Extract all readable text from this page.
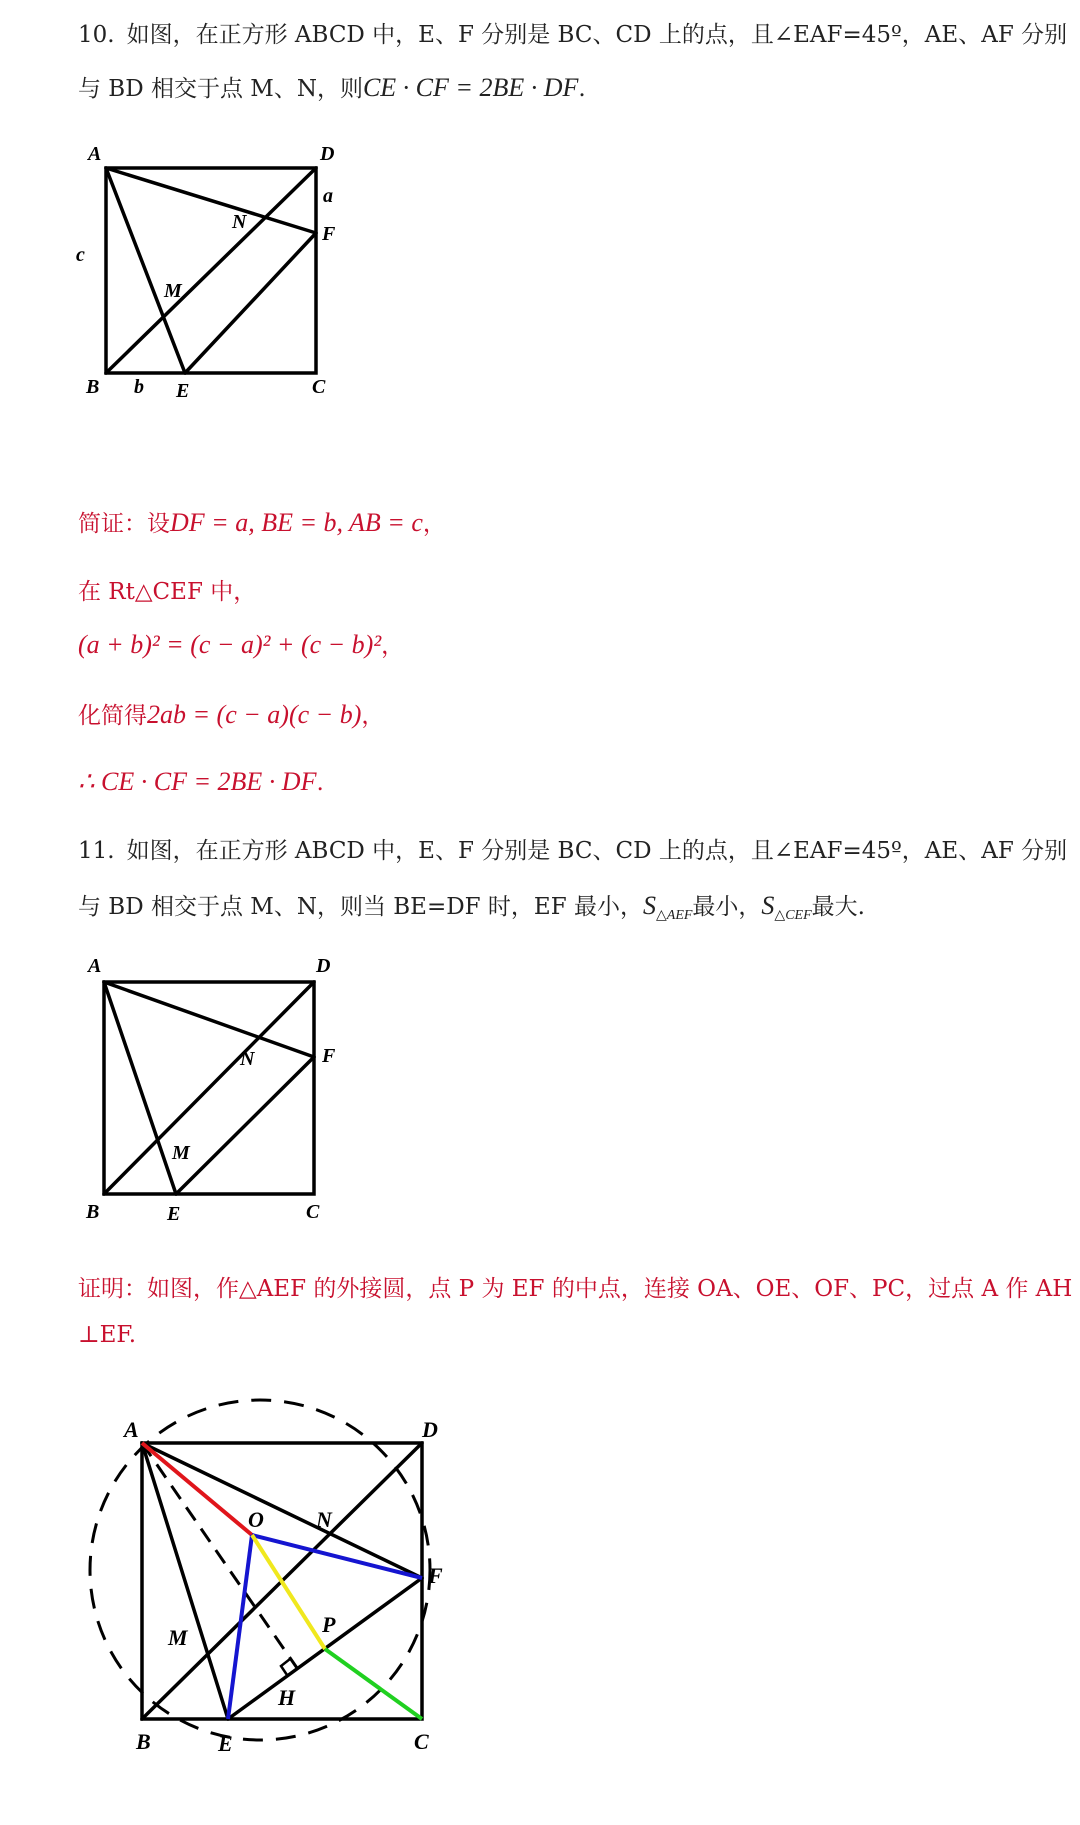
10. 如图，在正方形 ABCD 中，E、F 分别是 BC、CD 上的点，且∠EAF=45º，AE、AF 分别
与 BD 相交于点 M、N，则CE · CF = 2BE · DF.
A	D
B	C
E
F
M
N
a
b
c
简证：设DF = a, BE = b, AB = c，
在 Rt△CEF 中，
(a + b)² = (c − a)² + (c − b)²，
化简得2ab = (c − a)(c − b)，
∴ CE · CF = 2BE · DF.
11. 如图，在正方形 ABCD 中，E、F 分别是 BC、CD 上的点，且∠EAF=45º，AE、AF 分别
与 BD 相交于点 M、N，则当 BE=DF 时，EF 最小，$S_{\triangle AEF}$最小，$S_{\triangle CEF}$最大.
A	D
B	C
E
F
M
N
证明：如图，作△AEF 的外接圆，点 P 为 EF 的中点，连接 OA、OE、OF、PC，过点 A 作 AH
⊥EF.
A	D
B	C
E
F
M
N
O
P
H
